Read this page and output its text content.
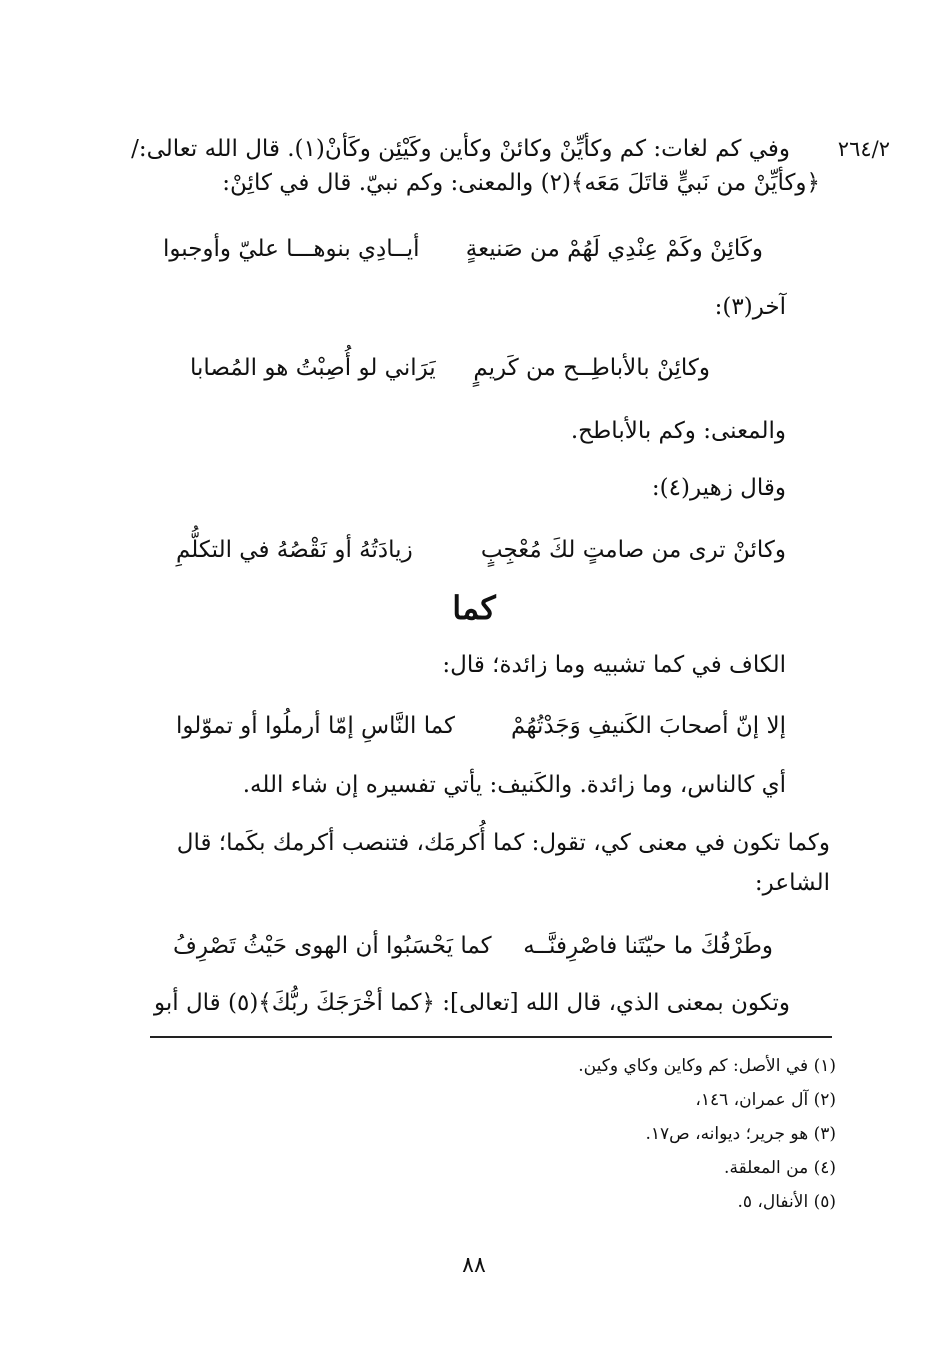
٢٦٤/٢

وفي كم لغات: كم وكأيِّنْ وكائنْ وكأين وكَيْئِن وكَأنْ(١). قال الله تعالى:/

﴿وكأيِّنْ من نَبيٍّ قاتَلَ مَعَه﴾(٢) والمعنى: وكم نبيّ. قال في كائِنْ:

وكَائِنْ وكَمْ عِنْدِي لَهُمْ من صَنيعةٍ
أيــادِي بنوهـــا عليّ وأوجبوا

آخر(٣):

وكائِنْ بالأباطِــح من كَريمٍ
يَرَاني لو أُصِبْتُ هو المُصابا

والمعنى: وكم بالأباطح.

وقال زهير(٤):

وكائنْ ترى من صامتٍ لكَ مُعْجِبٍ
زيادَتُهُ أو نَقْصُهُ في التكلُّمِ
كما

الكاف في كما تشبيه وما زائدة؛ قال:

إلا إنّ أصحابَ الكَنيفِ وَجَدْتُهُمْ
كما النَّاسِ إمّا أرملُوا أو تموّلوا

أي كالناس، وما زائدة. والكَنيف: يأتي تفسيره إن شاء الله.

وكما تكون في معنى كي، تقول: كما أُكرمَك، فتنصب أكرمك بكَما؛ قال

الشاعر:

وطَرْفُكَ ما حيّتَنا فاصْرِفنَّــه
كما يَحْسَبُوا أن الهوى حَيْثُ تَصْرِفُ

وتكون بمعنى الذي، قال الله [تعالى]: ﴿كما أخْرَجَكَ ربُّكَ﴾(٥) قال أبو

(١) في الأصل: كم وكاين وكاي وكين.
(٢) آل عمران، ١٤٦،
(٣) هو جرير؛ ديوانه، ص١٧.
(٤) من المعلقة.
(٥) الأنفال، ٥.
٨٨
